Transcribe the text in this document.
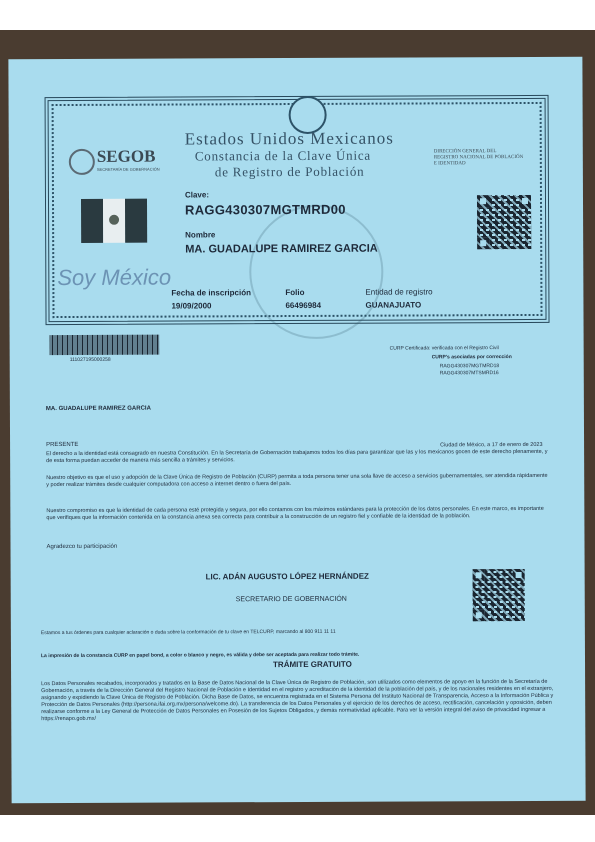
SEGOB
SECRETARÍA DE GOBERNACIÓN
Estados Unidos Mexicanos
Constancia de la Clave Única
de Registro de Población
DIRECCIÓN GENERAL DEL
REGISTRO NACIONAL DE POBLACIÓN
E IDENTIDAD
Clave:
RAGG430307MGTMRD00
Nombre
MA. GUADALUPE RAMIREZ GARCIA
Soy México
Fecha de inscripción
19/09/2000
Folio
66496984
Entidad de registro
GUANAJUATO
111027195000258
CURP Certificada: verificada con el Registro Civil
CURP's asociadas por corrección
RAGG430307MGTMRD18
RAGG430307MTSMRD16
MA. GUADALUPE RAMIREZ GARCIA
PRESENTE	Ciudad de México, a 17 de enero de 2023
El derecho a la identidad está consagrado en nuestra Constitución. En la Secretaría de Gobernación trabajamos todos los días para garantizar que las y los mexicanos gocen de este derecho plenamente, y de esta forma puedan acceder de manera más sencilla a trámites y servicios.
Nuestro objetivo es que el uso y adopción de la Clave Única de Registro de Población (CURP) permita a toda persona tener una sola llave de acceso a servicios gubernamentales, ser atendida rápidamente y poder realizar trámites desde cualquier computadora con acceso a internet dentro o fuera del país.
Nuestro compromiso es que la identidad de cada persona esté protegida y segura, por ello contamos con los máximos estándares para la protección de los datos personales. En este marco, es importante que verifiques que la información contenida en la constancia anexa sea correcta para contribuir a la construcción de un registro fiel y confiable de la identidad de la población.
Agradezco tu participación
LIC. ADÁN AUGUSTO LÓPEZ HERNÁNDEZ
SECRETARIO DE GOBERNACIÓN
Estamos a tus órdenes para cualquier aclaración o duda sobre la conformación de tu clave en TELCURP, marcando al 800 911 11 11
La impresión de la constancia CURP en papel bond, a color o blanco y negro, es válida y debe ser aceptada para realizar todo trámite.
TRÁMITE GRATUITO
Los Datos Personales recabados, incorporados y tratados en la Base de Datos Nacional de la Clave Única de Registro de Población, son utilizados como elementos de apoyo en la función de la Secretaría de Gobernación, a través de la Dirección General del Registro Nacional de Población e Identidad en el registro y acreditación de la identidad de la población del país, y de los nacionales residentes en el extranjero, asignando y expidiendo la Clave Única de Registro de Población. Dicha Base de Datos, se encuentra registrada en el Sistema Persona del Instituto Nacional de Transparencia, Acceso a la Información Pública y Protección de Datos Personales (http://persona.ifai.org.mx/persona/welcome.do). La transferencia de los Datos Personales y el ejercicio de los derechos de acceso, rectificación, cancelación y oposición, deben realizarse conforme a la Ley General de Protección de Datos Personales en Posesión de los Sujetos Obligados, y demás normatividad aplicable. Para ver la versión integral del aviso de privacidad ingresar a https://renapo.gob.mx/
